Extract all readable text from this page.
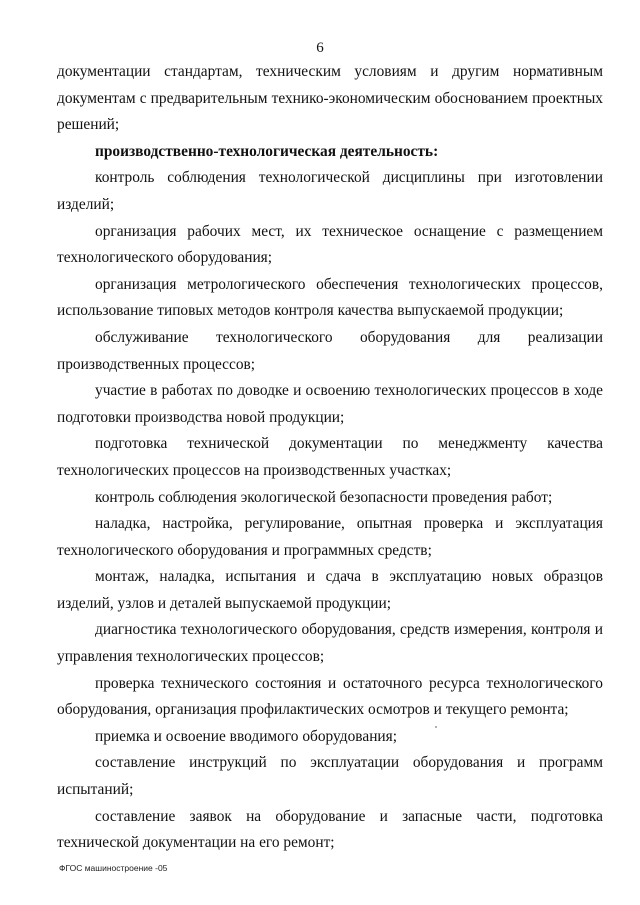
6

документации стандартам, техническим условиям и другим нормативным документам с предварительным технико-экономическим обоснованием проектных решений;

производственно-технологическая деятельность:

контроль соблюдения технологической дисциплины при изготовлении изделий;

организация рабочих мест, их техническое оснащение с размещением технологического оборудования;

организация метрологического обеспечения технологических процессов, использование типовых методов контроля качества выпускаемой продукции;

обслуживание технологического оборудования для реализации производственных процессов;

участие в работах по доводке и освоению технологических процессов в ходе подготовки производства новой продукции;

подготовка технической документации по менеджменту качества технологических процессов на производственных участках;

контроль соблюдения экологической безопасности проведения работ;

наладка, настройка, регулирование, опытная проверка и эксплуатация технологического оборудования и программных средств;

монтаж, наладка, испытания и сдача в эксплуатацию новых образцов изделий, узлов и деталей выпускаемой продукции;

диагностика технологического оборудования, средств измерения, контроля и управления технологических процессов;

проверка технического состояния и остаточного ресурса технологического оборудования, организация профилактических осмотров и текущего ремонта;

приемка и освоение вводимого оборудования;

составление инструкций по эксплуатации оборудования и программ испытаний;

составление заявок на оборудование и запасные части, подготовка технической документации на его ремонт;

ФГОС машиностроение -05
